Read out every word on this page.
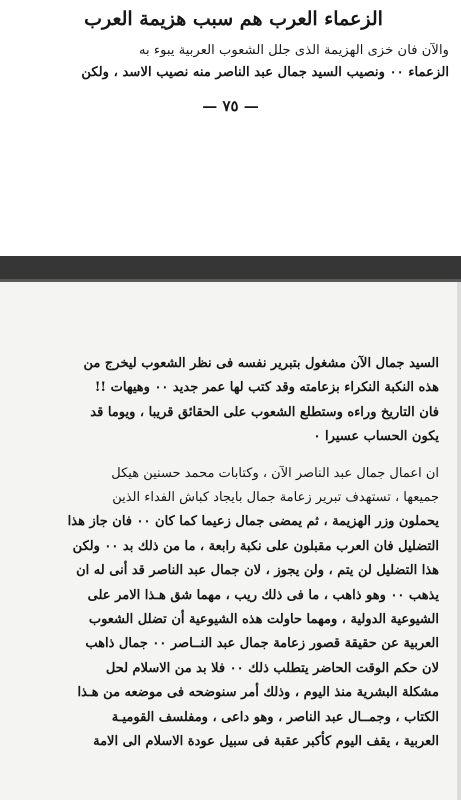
الزعماء العرب هم سبب هزيمة العرب
والآن فان خزى الهزيمة الذى جلل الشعوب العربية يبوء به
الزعماء ٠٠ ونصيب السيد جمال عبد الناصر منه نصيب الاسد ، ولكن
— ٧٥ —
السيد جمال الآن مشغول بتبرير نفسه فى نظر الشعوب ليخرج من
هذه النكبة النكراء بزعامته وقد كتب لها عمر جديد ٠٠ وهيهات !!
فان التاريخ وراءه وستطلع الشعوب على الحقائق قريبا ، ويوما قد
يكون الحساب عسيرا ٠
ان اعمال جمال عبد الناصر الآن ، وكتابات محمد حسنين هيكل
جميعها ، تستهدف تبرير زعامة جمال بايجاد كباش الفداء الذين
يحملون وزر الهزيمة ، ثم يمضى جمال زعيما كما كان ٠٠ فان جاز هذا
التضليل فان العرب مقبلون على نكبة رابعة ، ما من ذلك بد ٠٠ ولكن
هذا التضليل لن يتم ، ولن يجوز ، لان جمال عبد الناصر قد أنى له ان
يذهب ٠٠ وهو ذاهب ، ما فى ذلك ريب ، مهما شق هـذا الامر على
الشيوعية الدولية ، ومهما حاولت هذه الشيوعية أن تضلل الشعوب
العربية عن حقيقة قصور زعامة جمال عبد النــاصر ٠٠ جمال ذاهب
لان حكم الوقت الحاضر يتطلب ذلك ٠٠ فلا بد من الاسلام لحل
مشكلة البشرية منذ اليوم ، وذلك أمر سنوضحه فى موضعه من هـذا
الكتاب ، وجمــال عبد الناصر ، وهو داعى ، ومفلسف القوميـة
العربية ، يقف اليوم كأكبر عقبة فى سبيل عودة الاسلام الى الامة
